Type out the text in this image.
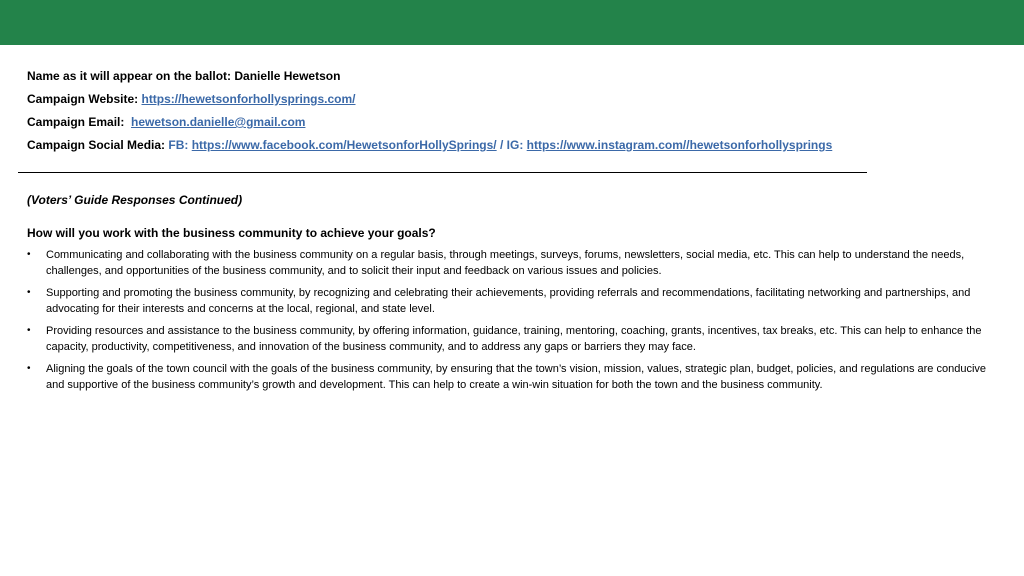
Name as it will appear on the ballot: Danielle Hewetson
Campaign Website: https://hewetsonforhollysprings.com/
Campaign Email: hewetson.danielle@gmail.com
Campaign Social Media: FB: https://www.facebook.com/HewetsonforHollySprings/ / IG: https://www.instagram.com//hewetsonforhollysprings
(Voters’ Guide Responses Continued)
How will you work with the business community to achieve your goals?
• Communicating and collaborating with the business community on a regular basis, through meetings, surveys, forums, newsletters, social media, etc. This can help to understand the needs, challenges, and opportunities of the business community, and to solicit their input and feedback on various issues and policies.
• Supporting and promoting the business community, by recognizing and celebrating their achievements, providing referrals and recommendations, facilitating networking and partnerships, and advocating for their interests and concerns at the local, regional, and state level.
• Providing resources and assistance to the business community, by offering information, guidance, training, mentoring, coaching, grants, incentives, tax breaks, etc. This can help to enhance the capacity, productivity, competitiveness, and innovation of the business community, and to address any gaps or barriers they may face.
• Aligning the goals of the town council with the goals of the business community, by ensuring that the town’s vision, mission, values, strategic plan, budget, policies, and regulations are conducive and supportive of the business community’s growth and development. This can help to create a win-win situation for both the town and the business community.
